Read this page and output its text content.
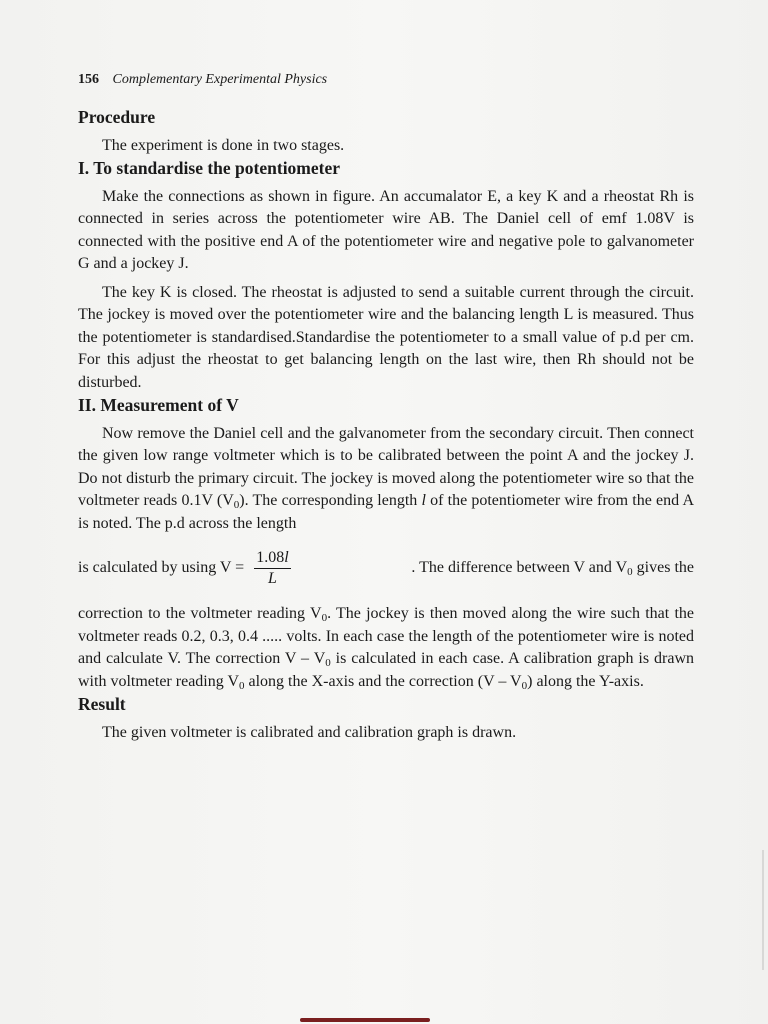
156 Complementary Experimental Physics
Procedure

The experiment is done in two stages.

I. To standardise the potentiometer

Make the connections as shown in figure. An accumalator E, a key K and a rheostat Rh is connected in series across the potentiometer wire AB. The Daniel cell of emf 1.08V is connected with the positive end A of the potentiometer wire and negative pole to galvanometer G and a jockey J.

The key K is closed. The rheostat is adjusted to send a suitable current through the circuit. The jockey is moved over the potentiometer wire and the balancing length L is measured. Thus the potentiometer is standardised.Standardise the potentiometer to a small value of p.d per cm. For this adjust the rheostat to get balancing length on the last wire, then Rh should not be disturbed.

II. Measurement of V

Now remove the Daniel cell and the galvanometer from the secondary circuit. Then connect the given low range voltmeter which is to be calibrated between the point A and the jockey J. Do not disturb the primary circuit. The jockey is moved along the potentiometer wire so that the voltmeter reads 0.1V $(V_0)$. The corresponding length l of the potentiometer wire from the end A is noted. The p.d across the length

is calculated by using $V = \frac{1.08l}{L}$	. The difference between V and $V_0$ gives the

correction to the voltmeter reading $V_0$. The jockey is then moved along the wire such that the voltmeter reads 0.2, 0.3, 0.4 ..... volts. In each case the length of the potentiometer wire is noted and calculate V. The correction V – $V_0$ is calculated in each case. A calibration graph is drawn with voltmeter reading $V_0$ along the X-axis and the correction $(V - V_0)$ along the Y-axis.

Result

The given voltmeter is calibrated and calibration graph is drawn.
